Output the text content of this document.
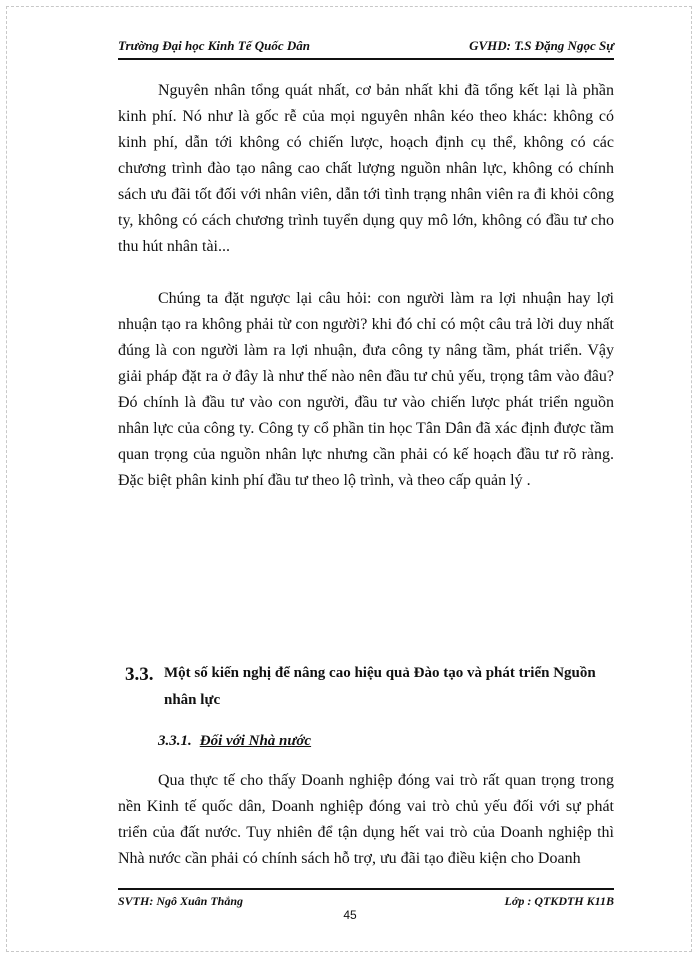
Trường Đại học Kinh Tế Quốc Dân	GVHD: T.S Đặng Ngọc Sự

Nguyên nhân tổng quát nhất, cơ bản nhất khi đã tổng kết lại là phần kinh phí. Nó như là gốc rễ của mọi nguyên nhân kéo theo khác: không có kinh phí, dẫn tới không có chiến lược, hoạch định cụ thể, không có các chương trình đào tạo nâng cao chất lượng nguồn nhân lực, không có chính sách ưu đãi tốt đối với nhân viên, dẫn tới tình trạng nhân viên ra đi khỏi công ty, không có cách chương trình tuyển dụng quy mô lớn, không có đầu tư cho thu hút nhân tài...

Chúng ta đặt ngược lại câu hỏi: con người làm ra lợi nhuận hay lợi nhuận tạo ra không phải từ con người? khi đó chỉ có một câu trả lời duy nhất đúng là con người làm ra lợi nhuận, đưa công ty nâng tầm, phát triển. Vậy giải pháp đặt ra ở đây là như thế nào nên đầu tư chủ yếu, trọng tâm vào đâu? Đó chính là đầu tư vào con người, đầu tư vào chiến lược phát triển nguồn nhân lực của công ty. Công ty cổ phần tin học Tân Dân đã xác định được tầm quan trọng của nguồn nhân lực nhưng cần phải có kế hoạch đầu tư rõ ràng. Đặc biệt phân kinh phí đầu tư theo lộ trình, và theo cấp quản lý .

3.3. Một số kiến nghị để nâng cao hiệu quả Đào tạo và phát triển Nguồn nhân lực
3.3.1. Đối với Nhà nước

Qua thực tế cho thấy Doanh nghiệp đóng vai trò rất quan trọng trong nền Kinh tế quốc dân, Doanh nghiệp đóng vai trò chủ yếu đối với sự phát triển của đất nước. Tuy nhiên để tận dụng hết vai trò của Doanh nghiệp thì Nhà nước cần phải có chính sách hỗ trợ, ưu đãi tạo điều kiện cho Doanh

SVTH: Ngô Xuân Thắng	Lớp : QTKDTH K11B
45
